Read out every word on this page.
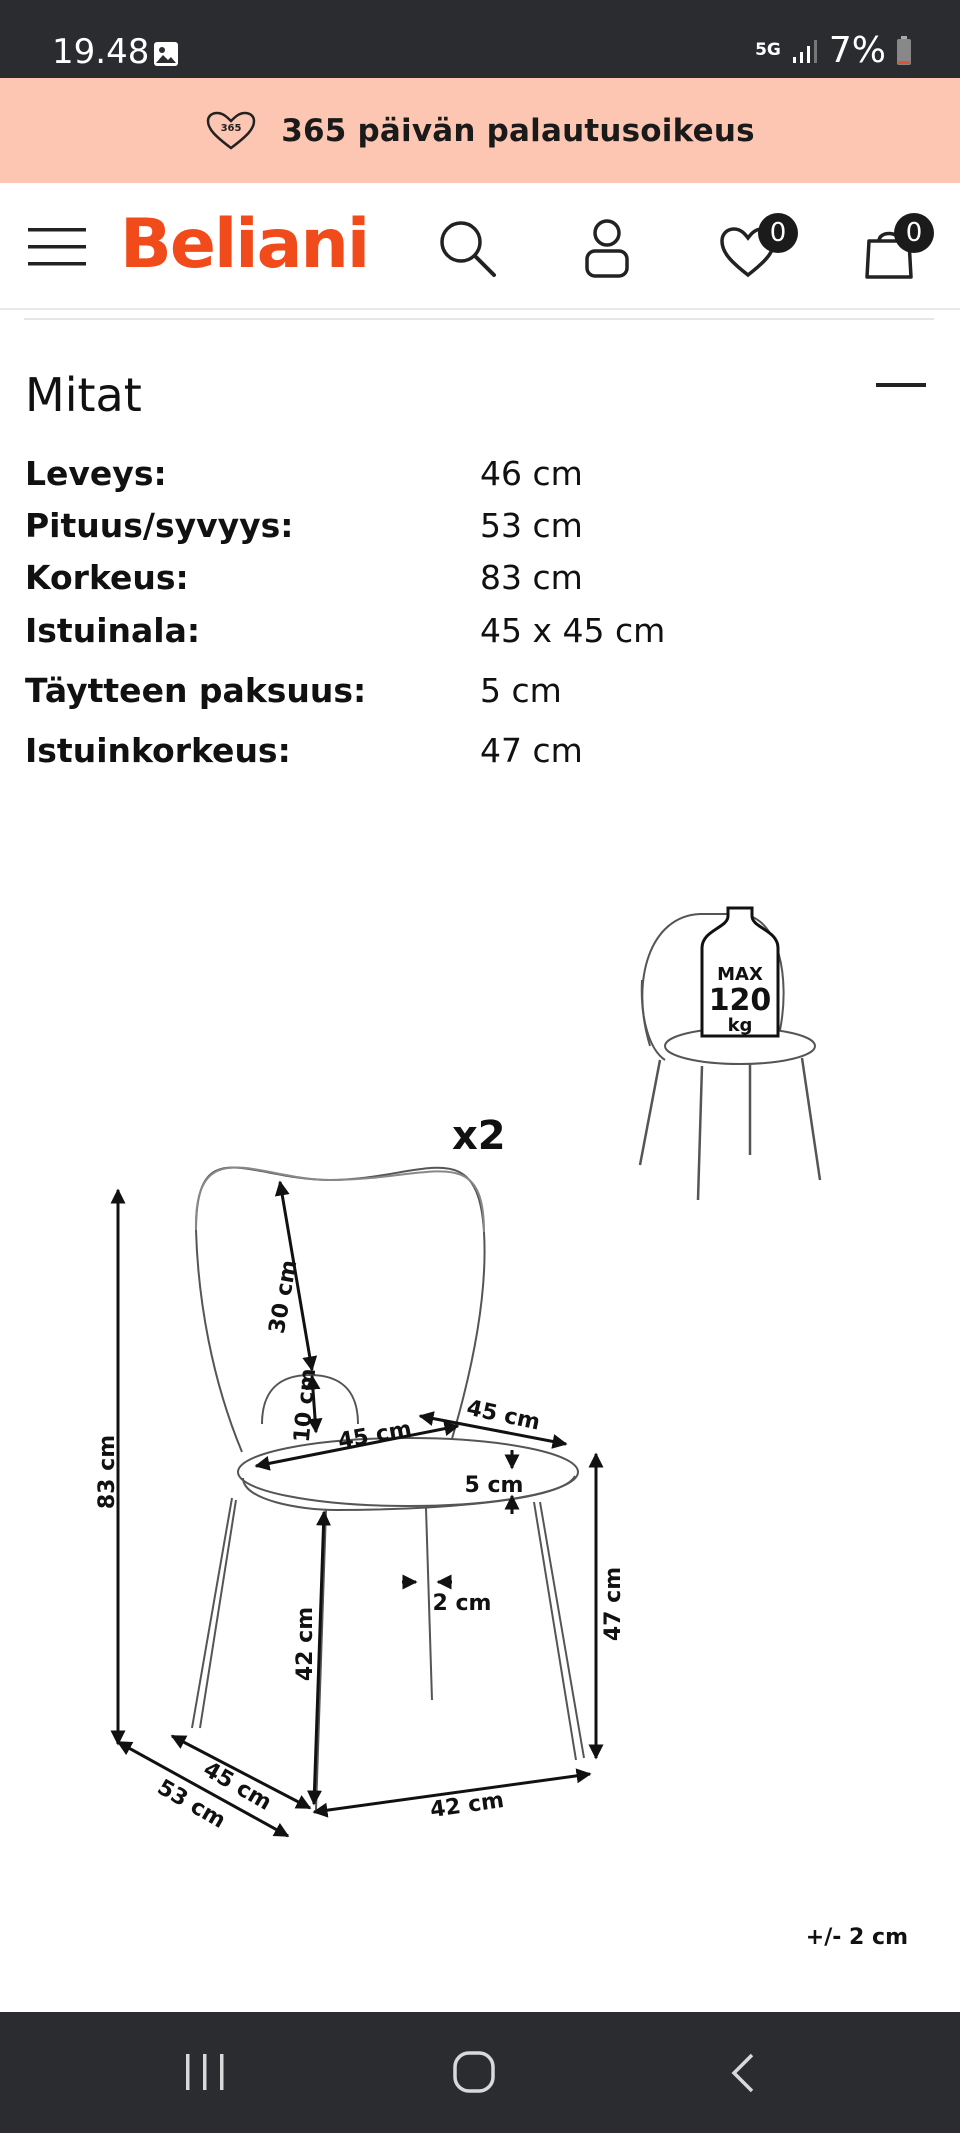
19.48	5G 7%
365 365 päivän palautusoikeus
Beliani	0	0
Mitat
Leveys:	46 cm
Pituus/syvyys:	53 cm
Korkeus:	83 cm
Istuinala:	45 x 45 cm
Täytteen paksuus:	5 cm
Istuinkorkeus:	47 cm
MAX
120
kg
x2
83 cm
30 cm
10 cm 45 cm
45 cm
5 cm
2 cm
42 cm
47 cm
45 cm
53 cm	42 cm
+/- 2 cm
